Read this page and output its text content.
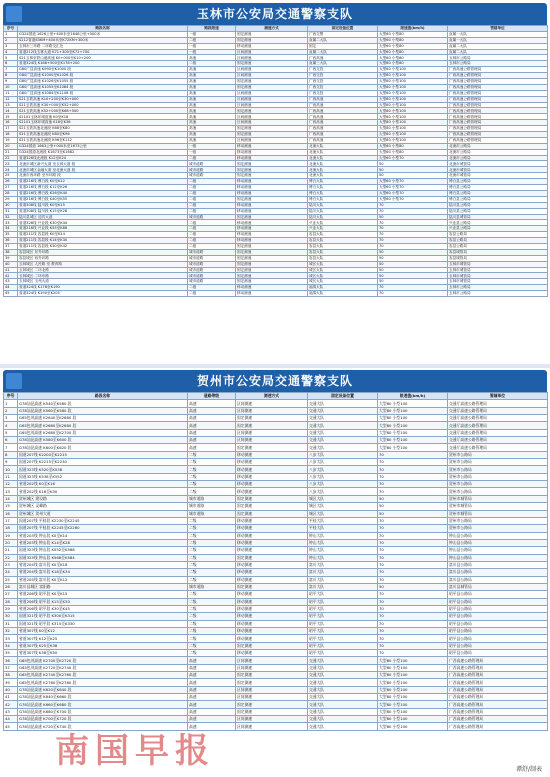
玉林市公安局交通警察支队
序号	路段名称	路段限速	测速方式	固定设备位置	限速值(km/h)	管辖单位
1	G324国道 1626公里+400米至1648公里+500米	一级	固定测速	广西交警	大型60 小型80	直属一大队
2	S212省道63KM+400米至K72KM+300米	二级	固定测速	直属二大队	大型60 小型80	直属一大队
3	玉林市三环路 二环路交汇处	一级	移动测速	固定	大型60 小型80	直属二大队
4	省道212线玉林大道 K71+300至K72+700	一级	区间测速	直属二大队	大型60 小型80	直属二大队
5	S21玉林至铁山港高速 K0+000至K10+200	高速	区间测速	广西高速	大型60 小型80	玉林市公路局
6	省道324线 K168+500至K178+200	二级	固定测速	直属三大队	大型60 小型80	玉林市公路局
7	G80广昆高速 K990至K1000 段	高速	区间测速	广西交投	大型80 小型100	广西高速公路管理局
8	G80广昆高速 K1000至K1026 段	高速	区间测速	广西交投	大型80 小型100	广西高速公路管理局
9	G80广昆高速 K1026至K1055 段	高速	固定测速	广西交投	大型80 小型100	广西高速公路管理局
10	G80广昆高速 K1055至K1084 段	高速	固定测速	广西交投	大型80 小型100	广西高速公路管理局
11	G80广昆高速 K1084至K1108 段	高速	区间测速	广西交投	大型80 小型100	广西高速公路管理局
12	S21玉铁高速 K10+200至K30+000	高速	区间测速	广西高速	大型80 小型100	广西高速公路管理局
13	S21玉铁高速 K30+000至K52+000	高速	区间测速	广西高速	大型80 小型100	广西高速公路管理局
14	S21玉铁高速 K52+000至K68+500	高速	固定测速	广西高速	大型80 小型100	广西高速公路管理局
15	S2101玉林环城高速 K0至K18	高速	区间测速	广西高速	大型80 小型100	广西高速公路管理局
16	S2101玉林环城高速 K18至K36	高速	区间测速	广西高速	大型80 小型100	广西高速公路管理局
17	S21玉铁高速北流段 K68至K80	高速	固定测速	广西高速	大型80 小型100	广西高速公路管理局
18	S21玉铁高速北流段 K80至K96	高速	固定测速	广西高速	大型80 小型100	广西高速公路管理局
19	S21玉铁高速北流段 K96至K112	高速	区间测速	广西高速	大型80 小型100	广西高速公路管理局
20	G324国道 1663公里+000米至1673公里	一级	移动测速	北流大队	大型60 小型80	北流市公路局
21	G324国道北流段 K1673至K1682	一级	移动测速	北流大队	大型60 小型80	北流市公路局
22	省道328线北流段 K12至K24	二级	移动测速	北流大队	大型60 小型70	北流市公路局
23	北流市城区新兴大道 至玉林大道 段	城市道路	固定测速	北流大队	50	北流市城管局
24	北流市城区金融大道 至北流大道 段	城市道路	固定测速	北流大队	50	北流市城管局
25	北流市西环路 至东环路 段	城市道路	固定测速	北流大队	50	北流市城管局
26	省道216线 博白段 K0至K12	二级	移动测速	博白大队	大型60 小型70	博白县公路局
27	省道216线 博白段 K12至K26	二级	移动测速	博白大队	大型60 小型70	博白县公路局
28	省道216线 博白段 K26至K40	二级	移动测速	博白大队	大型60 小型70	博白县公路局
29	省道216线 博白段 K40至K55	二级	固定测速	博白大队	大型60 小型70	博白县公路局
30	省道308线 陆川段 K0至K15	二级	移动测速	陆川大队	70	陆川县公路局
31	省道308线 陆川段 K15至K28	二级	移动测速	陆川大队	70	陆川县公路局
32	陆川县城区 迎宾大道	城市道路	固定测速	陆川大队	50	陆川县城管局
33	省道328线 兴业段 K30至K44	二级	移动测速	兴业大队	70	兴业县公路局
34	省道216线 兴业段 K55至K66	二级	移动测速	兴业大队	70	兴业县公路局
35	省道211线 容县段 K0至K14	二级	移动测速	容县大队	70	容县公路局
36	省道211线 容县段 K14至K30	二级	移动测速	容县大队	70	容县公路局
37	省道211线 容县段 K30至K42	二级	固定测速	容县大队	70	容县公路局
38	容县城区 东外环路	城市道路	固定测速	容县大队	50	容县城管局
39	容县城区 西外环路	城市道路	固定测速	容县大队	50	容县城管局
40	玉林城区 人民路 至 教育路	城市道路	固定测速	城区大队	50	玉林市城管局
41	玉林城区 二环北路	城市道路	固定测速	城区大队	50	玉林市城管局
42	玉林城区 二环东路	城市道路	固定测速	城区大队	50	玉林市城管局
43	玉林城区 玉州大道	城市道路	固定测速	城区大队	50	玉林市城管局
44	省道324线 K178至K190	二级	移动测速	福绵大队	70	玉林市公路局
45	省道324线 K190至K205	二级	移动测速	福绵大队	70	玉林市公路局
贺州市公安局交通警察支队
序号	路段名称	道路等级	测速方式	固定设备位置	限速值(km/h)	管辖单位
1	G78汕昆高速 K540至K560 段	高速	区间测速	交通大队	大型80 小型100	交通厅高速公路管理局
2	G78汕昆高速 K560至K580 段	高速	区间测速	交通大队	大型80 小型100	交通厅高速公路管理局
3	G65包茂高速 K2640至K2660 段	高速	固定测速	交通大队	大型80 小型100	交通厅高速公路管理局
4	G65包茂高速 K2660至K2680 段	高速	固定测速	交通大队	大型80 小型100	交通厅高速公路管理局
5	G65包茂高速 K2680至K2700 段	高速	区间测速	交通大队	大型80 小型100	交通厅高速公路管理局
6	G78汕昆高速 K580至K600 段	高速	区间测速	交通大队	大型80 小型100	交通厅高速公路管理局
7	G78汕昆高速 K600至K620 段	高速	固定测速	交通大队	大型80 小型100	交通厅高速公路管理局
8	国道207线 K2200至K2215	二级	移动测速	八步大队	70	贺州市公路局
9	国道207线 K2215至K2230	二级	移动测速	八步大队	70	贺州市公路局
10	国道323线 K520至K538	二级	移动测速	八步大队	70	贺州市公路局
11	国道323线 K538至K552	二级	移动测速	八步大队	70	贺州市公路局
12	省道202线 K0至K16	二级	移动测速	八步大队	70	贺州市公路局
13	省道202线 K16至K30	二级	移动测速	八步大队	70	贺州市公路局
14	贺州城区 建设路	城市道路	固定测速	城区大队	50	贺州市城管局
15	贺州城区 灵峰路	城市道路	固定测速	城区大队	50	贺州市城管局
16	贺州城区 贺州大道	城市道路	固定测速	城区大队	50	贺州市城管局
17	国道207线 平桂段 K2230至K2245	二级	移动测速	平桂大队	70	贺州市公路局
18	国道207线 平桂段 K2245至K2260	二级	移动测速	平桂大队	70	贺州市公路局
19	省道203线 钟山段 K0至K14	二级	移动测速	钟山大队	70	钟山县公路局
20	省道203线 钟山段 K14至K28	二级	移动测速	钟山大队	70	钟山县公路局
21	国道323线 钟山段 K552至K568	二级	移动测速	钟山大队	70	钟山县公路局
22	国道323线 钟山段 K568至K584	二级	固定测速	钟山大队	70	钟山县公路局
23	省道204线 富川段 K0至K18	二级	移动测速	富川大队	70	富川县公路局
24	省道204线 富川段 K18至K34	二级	移动测速	富川大队	70	富川县公路局
25	省道205线 富川段 K0至K12	二级	移动测速	富川大队	70	富川县公路局
26	富川县城区 富阳路	城市道路	固定测速	富川大队	50	富川县城管局
27	省道206线 昭平段 K0至K15	二级	移动测速	昭平大队	70	昭平县公路局
28	省道206线 昭平段 K15至K30	二级	移动测速	昭平大队	70	昭平县公路局
29	省道206线 昭平段 K30至K45	二级	移动测速	昭平大队	70	昭平县公路局
30	国道321线 昭平段 K300至K315	二级	移动测速	昭平大队	70	昭平县公路局
31	国道321线 昭平段 K315至K330	二级	移动测速	昭平大队	70	昭平县公路局
32	省道307线 K0至K12	二级	移动测速	昭平大队	70	昭平县公路局
33	省道307线 K12至K25	二级	移动测速	昭平大队	70	昭平县公路局
34	省道307线 K25至K38	二级	固定测速	昭平大队	70	昭平县公路局
35	省道307线 K38至K50	二级	移动测速	昭平大队	70	昭平县公路局
36	G65包茂高速 K2700至K2720 段	高速	区间测速	交通大队	大型80 小型100	广西高速公路管理局
37	G65包茂高速 K2720至K2740 段	高速	区间测速	交通大队	大型80 小型100	广西高速公路管理局
38	G65包茂高速 K2740至K2760 段	高速	固定测速	交通大队	大型80 小型100	广西高速公路管理局
39	G65包茂高速 K2760至K2780 段	高速	固定测速	交通大队	大型80 小型100	广西高速公路管理局
40	G78汕昆高速 K620至K640 段	高速	区间测速	交通大队	大型80 小型100	广西高速公路管理局
41	G78汕昆高速 K640至K660 段	高速	区间测速	交通大队	大型80 小型100	广西高速公路管理局
42	G78汕昆高速 K660至K680 段	高速	固定测速	交通大队	大型80 小型100	广西高速公路管理局
43	G78汕昆高速 K680至K700 段	高速	固定测速	交通大队	大型80 小型100	广西高速公路管理局
44	G78汕昆高速 K700至K720 段	高速	区间测速	交通大队	大型80 小型100	广西高速公路管理局
45	G78汕昆高速 K720至K740 段	高速	区间测速	交通大队	大型80 小型100	广西高速公路管理局
南国早报	谭舒/制表
